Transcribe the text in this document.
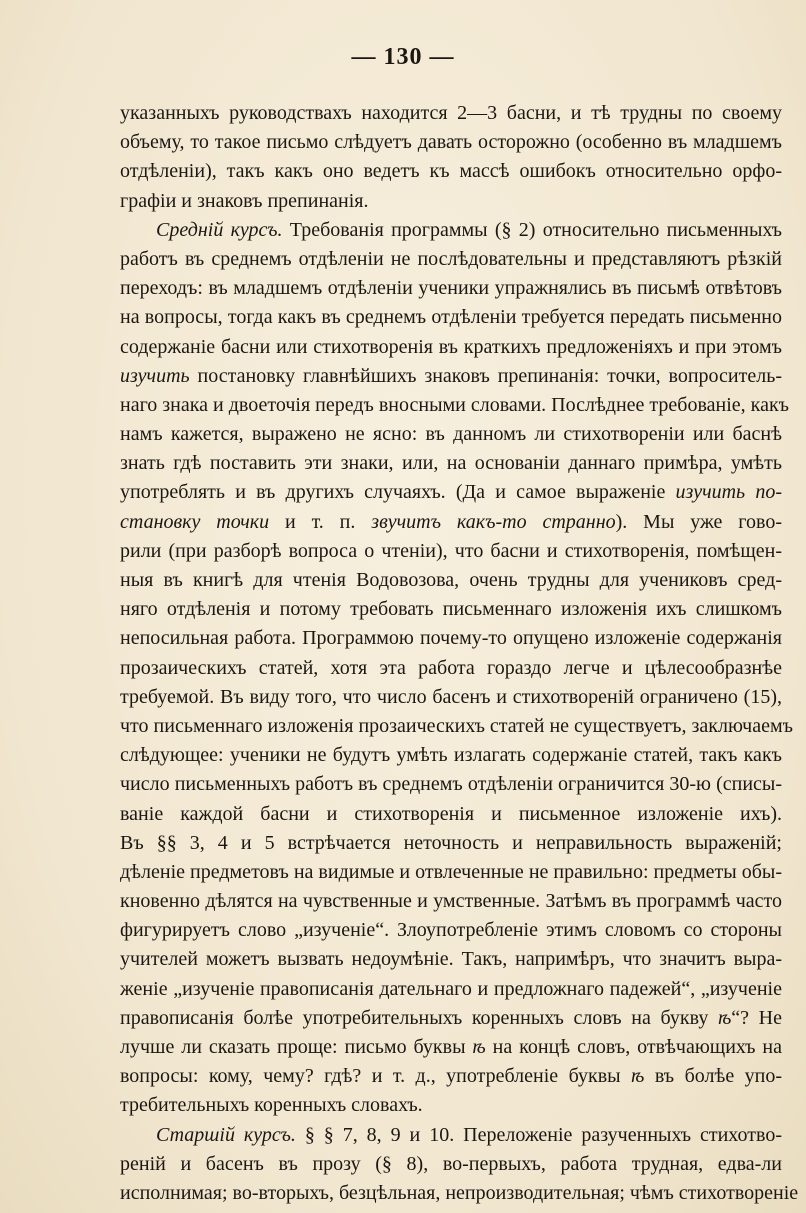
— 130 —
указанныхъ руководствахъ находится 2—3 басни, и тѣ трудны по своему
объему, то такое письмо слѣдуетъ давать осторожно (особенно въ младшемъ
отдѣленіи), такъ какъ оно ведетъ къ массѣ ошибокъ относительно орфо-
графіи и знаковъ препинанія.
Средній курсъ. Требованія программы (§ 2) относительно письменныхъ
работъ въ среднемъ отдѣленіи не послѣдовательны и представляютъ рѣзкій
переходъ: въ младшемъ отдѣленіи ученики упражнялись въ письмѣ отвѣтовъ
на вопросы, тогда какъ въ среднемъ отдѣленіи требуется передать письменно
содержаніе басни или стихотворенія въ краткихъ предложеніяхъ и при этомъ
изучить постановку главнѣйшихъ знаковъ препинанія: точки, вопроситель-
наго знака и двоеточія передъ вносными словами. Послѣднее требованіе, какъ
намъ кажется, выражено не ясно: въ данномъ ли стихотвореніи или баснѣ
знать гдѣ поставить эти знаки, или, на основаніи даннаго примѣра, умѣть
употреблять и въ другихъ случаяхъ. (Да и самое выраженіе изучить по-
становку точки и т. п. звучитъ какъ-то странно). Мы уже гово-
рили (при разборѣ вопроса о чтеніи), что басни и стихотворенія, помѣщен-
ныя въ книгѣ для чтенія Водовозова, очень трудны для учениковъ сред-
няго отдѣленія и потому требовать письменнаго изложенія ихъ слишкомъ
непосильная работа. Программою почему-то опущено изложеніе содержанія
прозаическихъ статей, хотя эта работа гораздо легче и цѣлесообразнѣе
требуемой. Въ виду того, что число басенъ и стихотвореній ограничено (15),
что письменнаго изложенія прозаическихъ статей не существуетъ, заключаемъ
слѣдующее: ученики не будутъ умѣть излагать содержаніе статей, такъ какъ
число письменныхъ работъ въ среднемъ отдѣленіи ограничится 30-ю (списы-
ваніе каждой басни и стихотворенія и письменное изложеніе ихъ).
Въ §§ 3, 4 и 5 встрѣчается неточность и неправильность выраженій;
дѣленіе предметовъ на видимые и отвлеченные не правильно: предметы обы-
кновенно дѣлятся на чувственные и умственные. Затѣмъ въ программѣ часто
фигурируетъ слово „изученіе“. Злоупотребленіе этимъ словомъ со стороны
учителей можетъ вызвать недоумѣніе. Такъ, напримѣръ, что значитъ выра-
женіе „изученіе правописанія дательнаго и предложнаго падежей“, „изученіе
правописанія болѣе употребительныхъ коренныхъ словъ на букву ѣ“? Не
лучше ли сказать проще: письмо буквы ѣ на концѣ словъ, отвѣчающихъ на
вопросы: кому, чему? гдѣ? и т. д., употребленіе буквы ѣ въ болѣе упо-
требительныхъ коренныхъ словахъ.
Старшій курсъ. § § 7, 8, 9 и 10. Переложеніе разученныхъ стихотво-
реній и басенъ въ прозу (§ 8), во-первыхъ, работа трудная, едва-ли
исполнимая; во-вторыхъ, безцѣльная, непроизводительная; чѣмъ стихотвореніе
